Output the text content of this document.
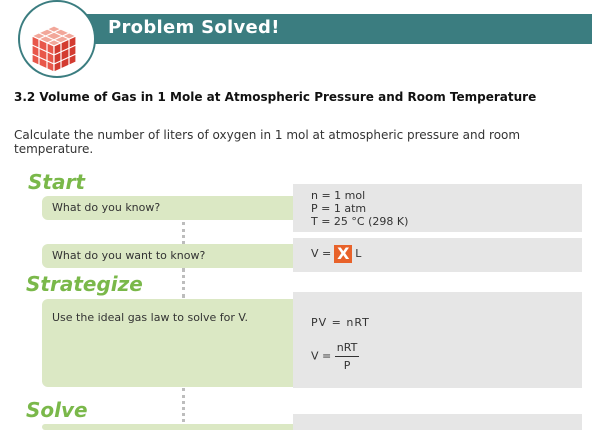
Problem Solved!
3.2 Volume of Gas in 1 Mole at Atmospheric Pressure and Room Temperature
Calculate the number of liters of oxygen in 1 mol at atmospheric pressure and room temperature.
Start
What do you know?
n = 1 mol
P = 1 atm
T = 25 °C (298 K)
What do you want to know?	V = X L
Strategize
Use the ideal gas law to solve for V.	PV = nRT
$V = \frac{\text{nRT}}{P}$
Solve
